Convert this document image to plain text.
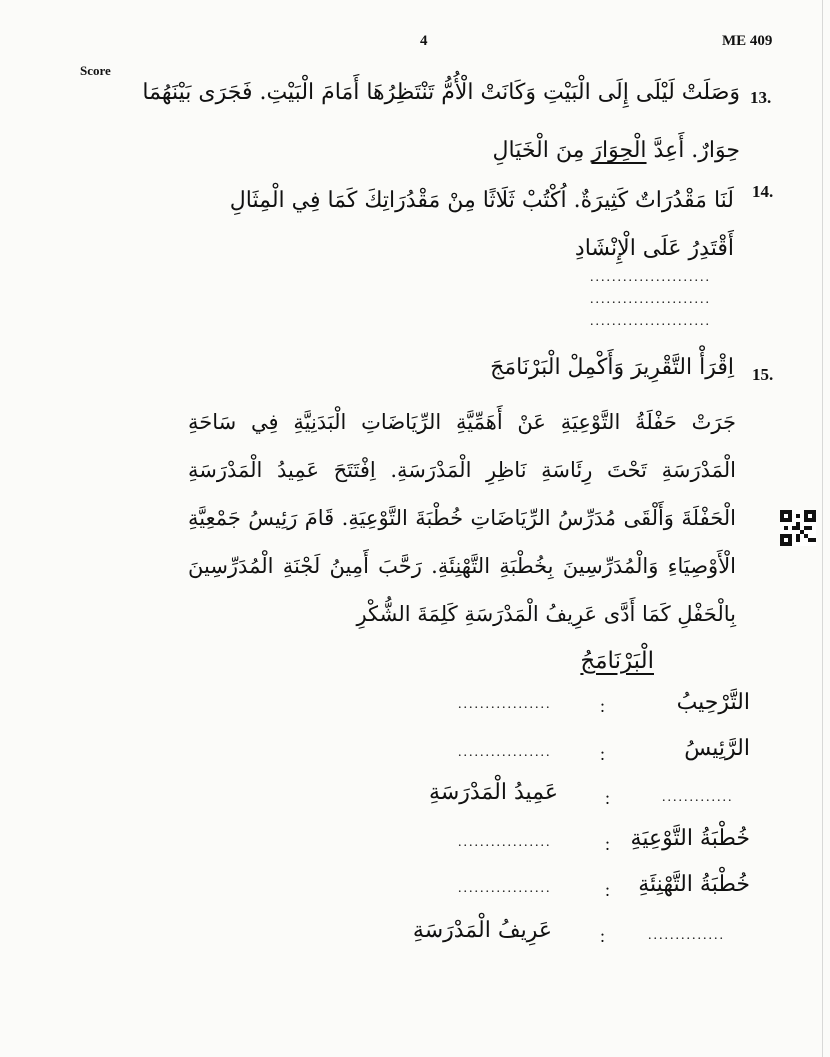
4	ME 409
Score
13.
وَصَلَتْ لَيْلَى إِلَى الْبَيْتِ وَكَانَتْ الْأُمُّ تَنْتَظِرُهَا أَمَامَ الْبَيْتِ. فَجَرَى بَيْنَهُمَا
حِوَارٌ. أَعِدَّ الْحِوَارَ مِنَ الْخَيَالِ
14.
لَنَا مَقْدُرَاتٌ كَثِيرَةٌ. اُكْتُبْ ثَلَاثًا مِنْ مَقْدُرَاتِكَ كَمَا فِي الْمِثَالِ
أَقْتَدِرُ عَلَى الْإِنْشَادِ
......................
......................
......................
15.
اِقْرَأْ التَّقْرِيرَ وَأَكْمِلْ الْبَرْنَامَجَ
جَرَتْ حَفْلَةُ التَّوْعِيَةِ عَنْ أَهَمِّيَّةِ الرِّيَاضَاتِ الْبَدَنِيَّةِ فِي سَاحَةِ الْمَدْرَسَةِ تَحْتَ رِئَاسَةِ نَاظِرِ الْمَدْرَسَةِ. اِفْتَتَحَ عَمِيدُ الْمَدْرَسَةِ الْحَفْلَةَ وَأَلْقَى مُدَرِّسُ الرِّيَاضَاتِ خُطْبَةَ التَّوْعِيَةِ. قَامَ رَئِيسُ جَمْعِيَّةِ الْأَوْصِيَاءِ وَالْمُدَرِّسِينَ بِخُطْبَةِ التَّهْنِئَةِ. رَحَّبَ أَمِينُ لَجْنَةِ الْمُدَرِّسِينَ بِالْحَفْلِ كَمَا أَدَّى عَرِيفُ الْمَدْرَسَةِ كَلِمَةَ الشُّكْرِ
الْبَرْنَامَجُ
التَّرْحِيبُ
:
.................
الرَّئِيسُ
:
.................
.............
:
عَمِيدُ الْمَدْرَسَةِ
خُطْبَةُ التَّوْعِيَةِ
:
.................
خُطْبَةُ التَّهْنِئَةِ
:
.................
..............
:
عَرِيفُ الْمَدْرَسَةِ
